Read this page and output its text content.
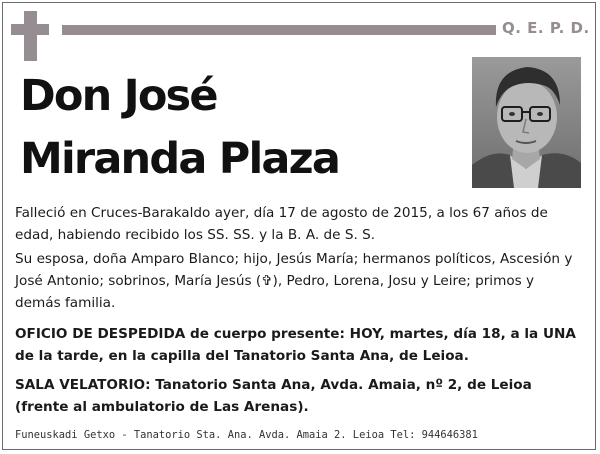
Q. E. P. D.
Don José
Miranda Plaza
Falleció en Cruces-Barakaldo ayer, día 17 de agosto de 2015, a los 67 años de edad, habiendo recibido los SS. SS. y la B. A. de S. S.
Su esposa, doña Amparo Blanco; hijo, Jesús María; hermanos políticos, Ascesión y José Antonio; sobrinos, María Jesús (✞), Pedro, Lorena, Josu y Leire; primos y demás familia.
OFICIO DE DESPEDIDA de cuerpo presente: HOY, martes, día 18, a la UNA de la tarde, en la capilla del Tanatorio Santa Ana, de Leioa.
SALA VELATORIO: Tanatorio Santa Ana, Avda. Amaia, nº 2, de Leioa (frente al ambulatorio de Las Arenas).
Funeuskadi Getxo - Tanatorio Sta. Ana. Avda. Amaia 2. Leioa Tel: 944646381
